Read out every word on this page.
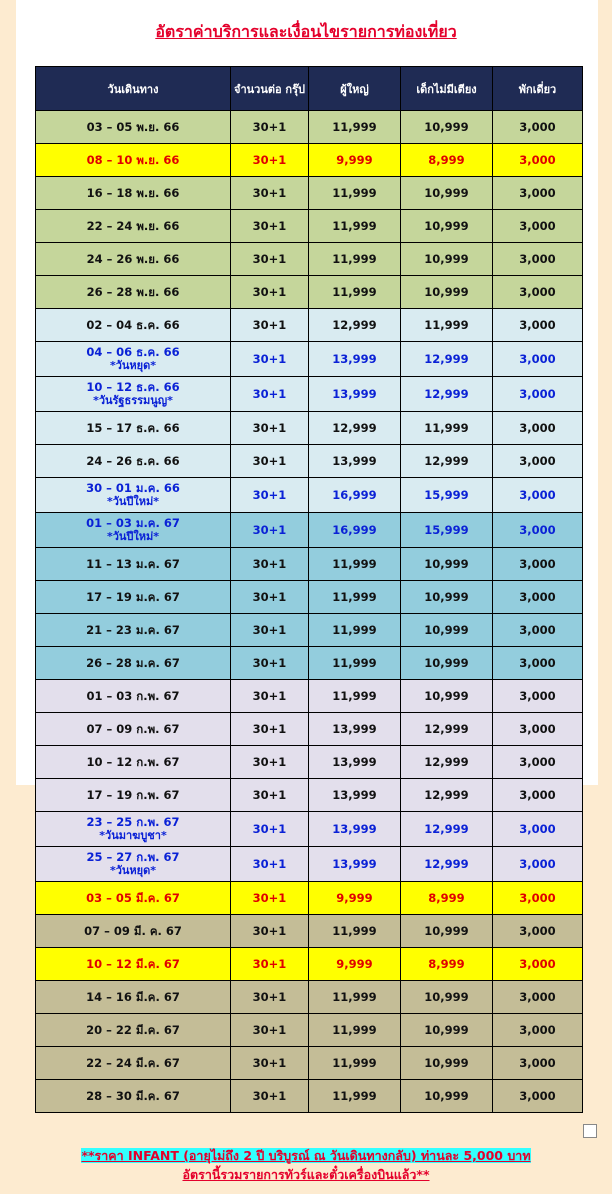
อัตราค่าบริการและเงื่อนไขรายการท่องเที่ยว
วันเดินทาง	จำนวนต่อ กรุ๊ป	ผู้ใหญ่	เด็กไม่มีเตียง	พักเดี่ยว
03 – 05 พ.ย. 66	30+1	11,999	10,999	3,000
08 – 10 พ.ย. 66	30+1	9,999	8,999	3,000
16 – 18 พ.ย. 66	30+1	11,999	10,999	3,000
22 – 24 พ.ย. 66	30+1	11,999	10,999	3,000
24 – 26 พ.ย. 66	30+1	11,999	10,999	3,000
26 – 28 พ.ย. 66	30+1	11,999	10,999	3,000
02 – 04 ธ.ค. 66	30+1	12,999	11,999	3,000
04 – 06 ธ.ค. 66
*วันหยุด*	30+1	13,999	12,999	3,000
10 – 12 ธ.ค. 66
*วันรัฐธรรมนูญ*	30+1	13,999	12,999	3,000
15 – 17 ธ.ค. 66	30+1	12,999	11,999	3,000
24 – 26 ธ.ค. 66	30+1	13,999	12,999	3,000
30 – 01 ม.ค. 66
*วันปีใหม่*	30+1	16,999	15,999	3,000
01 – 03 ม.ค. 67
*วันปีใหม่*	30+1	16,999	15,999	3,000
11 – 13 ม.ค. 67	30+1	11,999	10,999	3,000
17 – 19 ม.ค. 67	30+1	11,999	10,999	3,000
21 – 23 ม.ค. 67	30+1	11,999	10,999	3,000
26 – 28 ม.ค. 67	30+1	11,999	10,999	3,000
01 – 03 ก.พ. 67	30+1	11,999	10,999	3,000
07 – 09 ก.พ. 67	30+1	13,999	12,999	3,000
10 – 12 ก.พ. 67	30+1	13,999	12,999	3,000
17 – 19 ก.พ. 67	30+1	13,999	12,999	3,000
23 – 25 ก.พ. 67
*วันมาฆบูชา*	30+1	13,999	12,999	3,000
25 – 27 ก.พ. 67
*วันหยุด*	30+1	13,999	12,999	3,000
03 – 05 มี.ค. 67	30+1	9,999	8,999	3,000
07 – 09 มี. ค. 67	30+1	11,999	10,999	3,000
10 – 12 มี.ค. 67	30+1	9,999	8,999	3,000
14 – 16 มี.ค. 67	30+1	11,999	10,999	3,000
20 – 22 มี.ค. 67	30+1	11,999	10,999	3,000
22 – 24 มี.ค. 67	30+1	11,999	10,999	3,000
28 – 30 มี.ค. 67	30+1	11,999	10,999	3,000
**ราคา INFANT (อายุไม่ถึง 2 ปี บริบูรณ์ ณ วันเดินทางกลับ) ท่านละ 5,000 บาท
อัตรานี้รวมรายการทัวร์และตั๋วเครื่องบินแล้ว**
